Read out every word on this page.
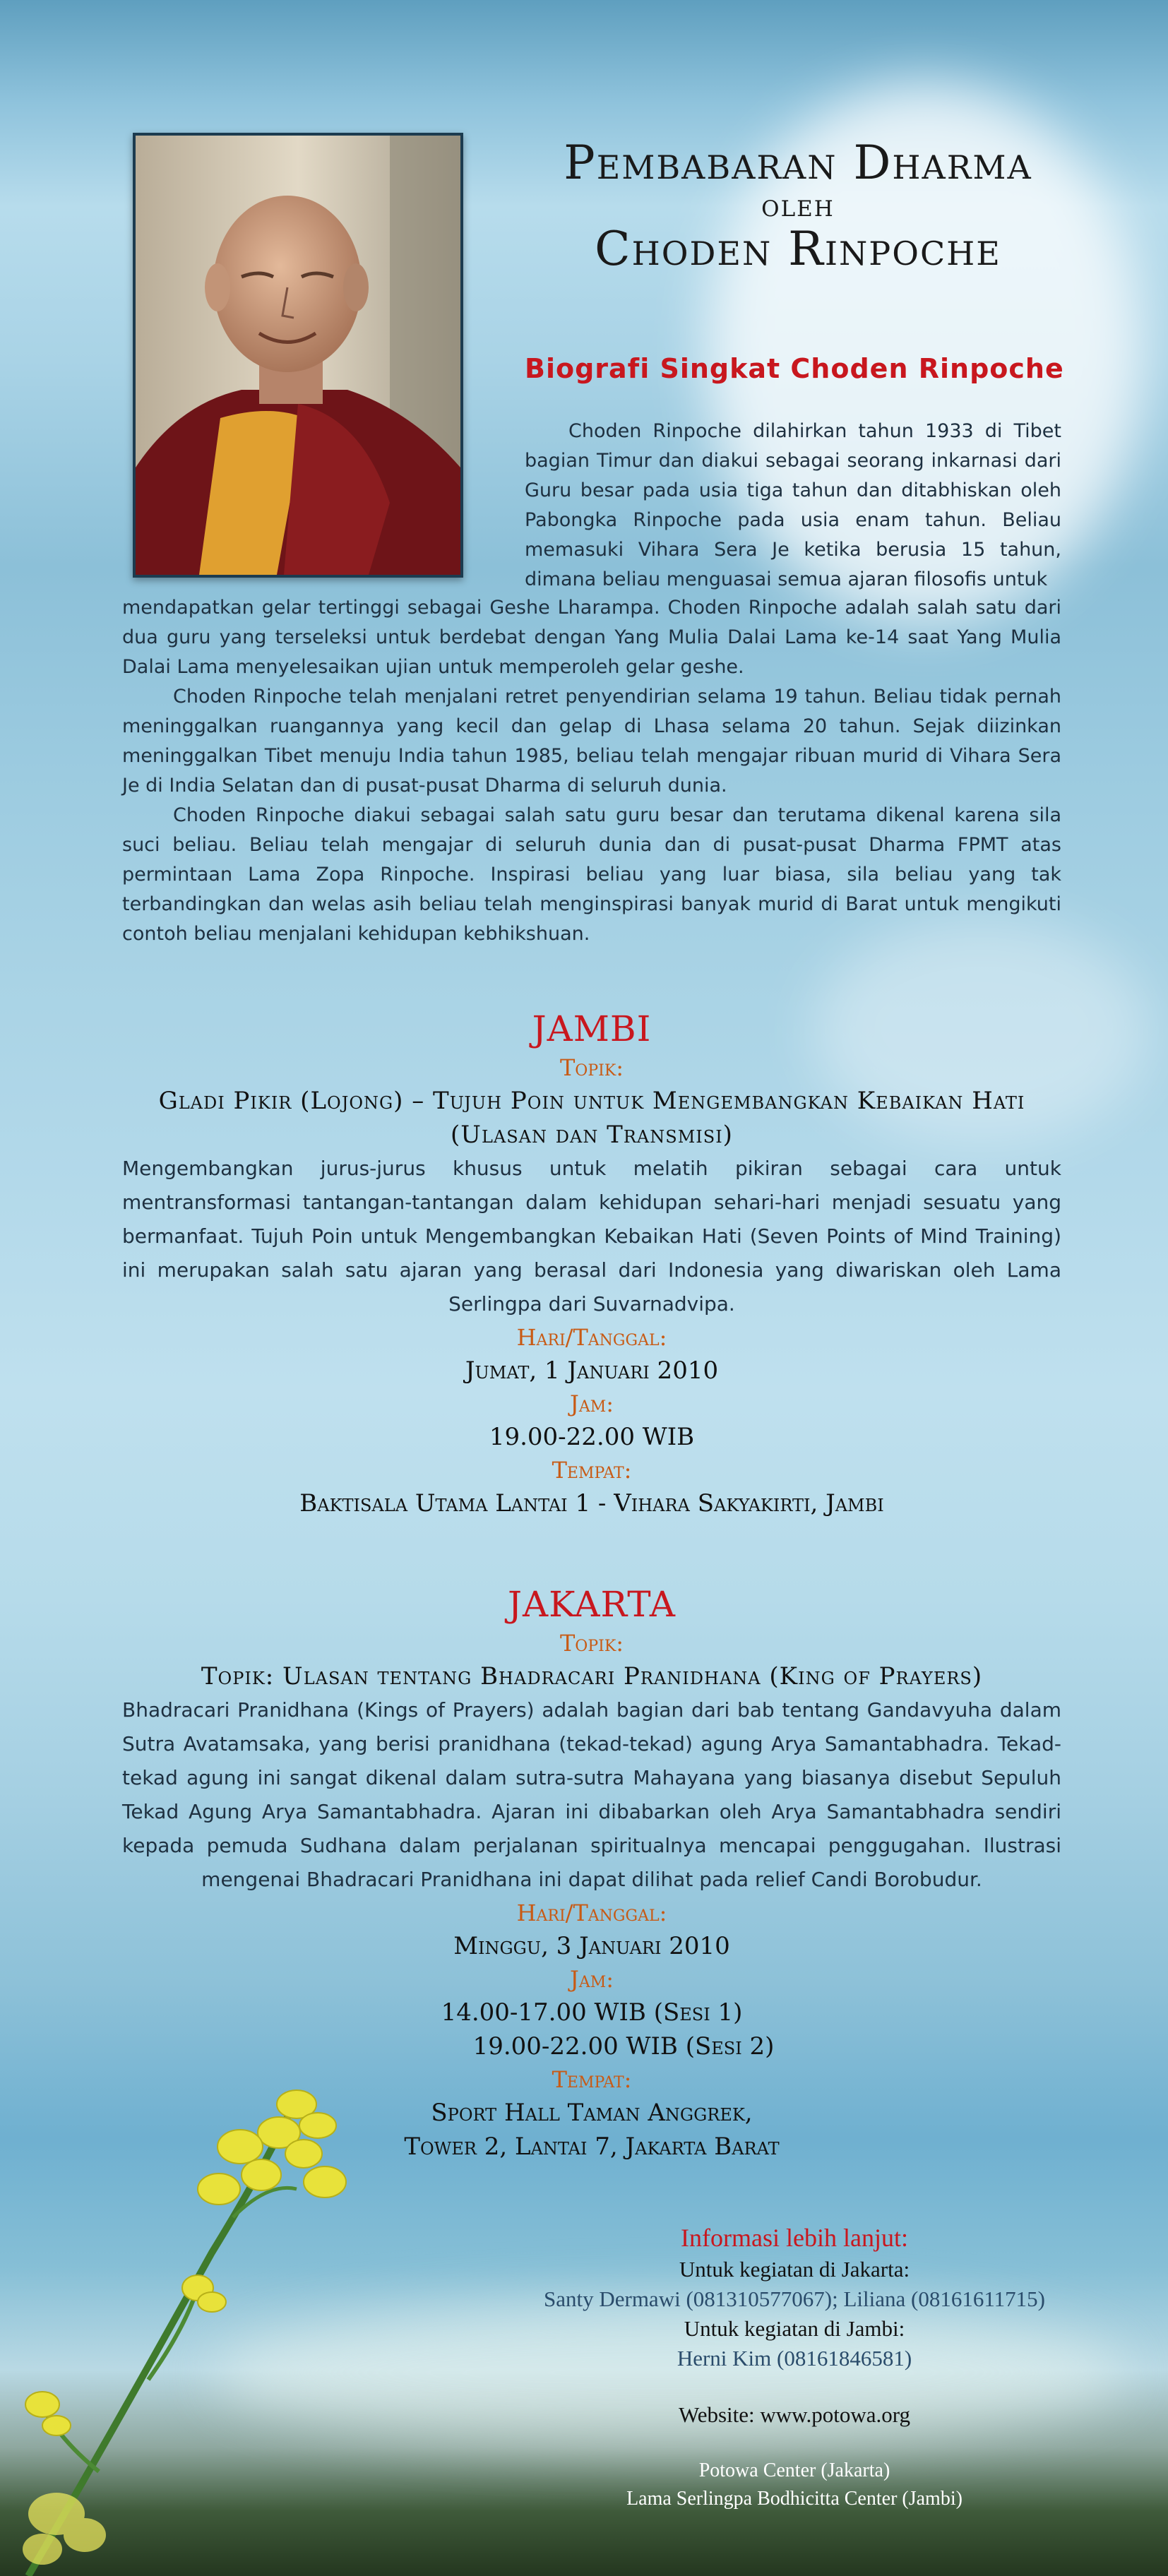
Pembabaran Dharma
oleh
Choden Rinpoche
Biografi Singkat Choden Rinpoche

Choden Rinpoche dilahirkan tahun 1933 di Tibet bagian Timur dan diakui sebagai seorang inkarnasi dari Guru besar pada usia tiga tahun dan ditabhiskan oleh Pabongka Rinpoche pada usia enam tahun. Beliau memasuki Vihara Sera Je ketika berusia 15 tahun, dimana beliau menguasai semua ajaran filosofis untuk

mendapatkan gelar tertinggi sebagai Geshe Lharampa. Choden Rinpoche adalah salah satu dari dua guru yang terseleksi untuk berdebat dengan Yang Mulia Dalai Lama ke-14 saat Yang Mulia Dalai Lama menyelesaikan ujian untuk memperoleh gelar geshe.

Choden Rinpoche telah menjalani retret penyendirian selama 19 tahun. Beliau tidak pernah meninggalkan ruangannya yang kecil dan gelap di Lhasa selama 20 tahun. Sejak diizinkan meninggalkan Tibet menuju India tahun 1985, beliau telah mengajar ribuan murid di Vihara Sera Je di India Selatan dan di pusat-pusat Dharma di seluruh dunia.

Choden Rinpoche diakui sebagai salah satu guru besar dan terutama dikenal karena sila suci beliau. Beliau telah mengajar di seluruh dunia dan di pusat-pusat Dharma FPMT atas permintaan Lama Zopa Rinpoche. Inspirasi beliau yang luar biasa, sila beliau yang tak terbandingkan dan welas asih beliau telah menginspirasi banyak murid di Barat untuk mengikuti contoh beliau menjalani kehidupan kebhikshuan.

JAMBI
Topik:
Gladi Pikir (Lojong) – Tujuh Poin untuk Mengembangkan Kebaikan Hati (Ulasan dan Transmisi)
Mengembangkan jurus-jurus khusus untuk melatih pikiran sebagai cara untuk mentransformasi tantangan-tantangan dalam kehidupan sehari-hari menjadi sesuatu yang bermanfaat. Tujuh Poin untuk Mengembangkan Kebaikan Hati (Seven Points of Mind Training) ini merupakan salah satu ajaran yang berasal dari Indonesia yang diwariskan oleh Lama Serlingpa dari Suvarnadvipa.
Hari/Tanggal:
Jumat, 1 Januari 2010
Jam:
19.00-22.00 WIB
Tempat:
Baktisala Utama Lantai 1 - Vihara Sakyakirti, Jambi
JAKARTA
Topik:
Topik: Ulasan tentang Bhadracari Pranidhana (King of Prayers)
Bhadracari Pranidhana (Kings of Prayers) adalah bagian dari bab tentang Gandavyuha dalam Sutra Avatamsaka, yang berisi pranidhana (tekad-tekad) agung Arya Samantabhadra. Tekad-tekad agung ini sangat dikenal dalam sutra-sutra Mahayana yang biasanya disebut Sepuluh Tekad Agung Arya Samantabhadra. Ajaran ini dibabarkan oleh Arya Samantabhadra sendiri kepada pemuda Sudhana dalam perjalanan spiritualnya mencapai penggugahan. Ilustrasi mengenai Bhadracari Pranidhana ini dapat dilihat pada relief Candi Borobudur.
Hari/Tanggal:
Minggu, 3 Januari 2010
Jam:
14.00-17.00 WIB (Sesi 1)
19.00-22.00 WIB (Sesi 2)
Tempat:
Sport Hall Taman Anggrek,
Tower 2, Lantai 7, Jakarta Barat
Informasi lebih lanjut:
Untuk kegiatan di Jakarta:
Santy Dermawi (081310577067); Liliana (08161611715)
Untuk kegiatan di Jambi:
Herni Kim (08161846581)
Website: www.potowa.org
Potowa Center (Jakarta)
Lama Serlingpa Bodhicitta Center (Jambi)
